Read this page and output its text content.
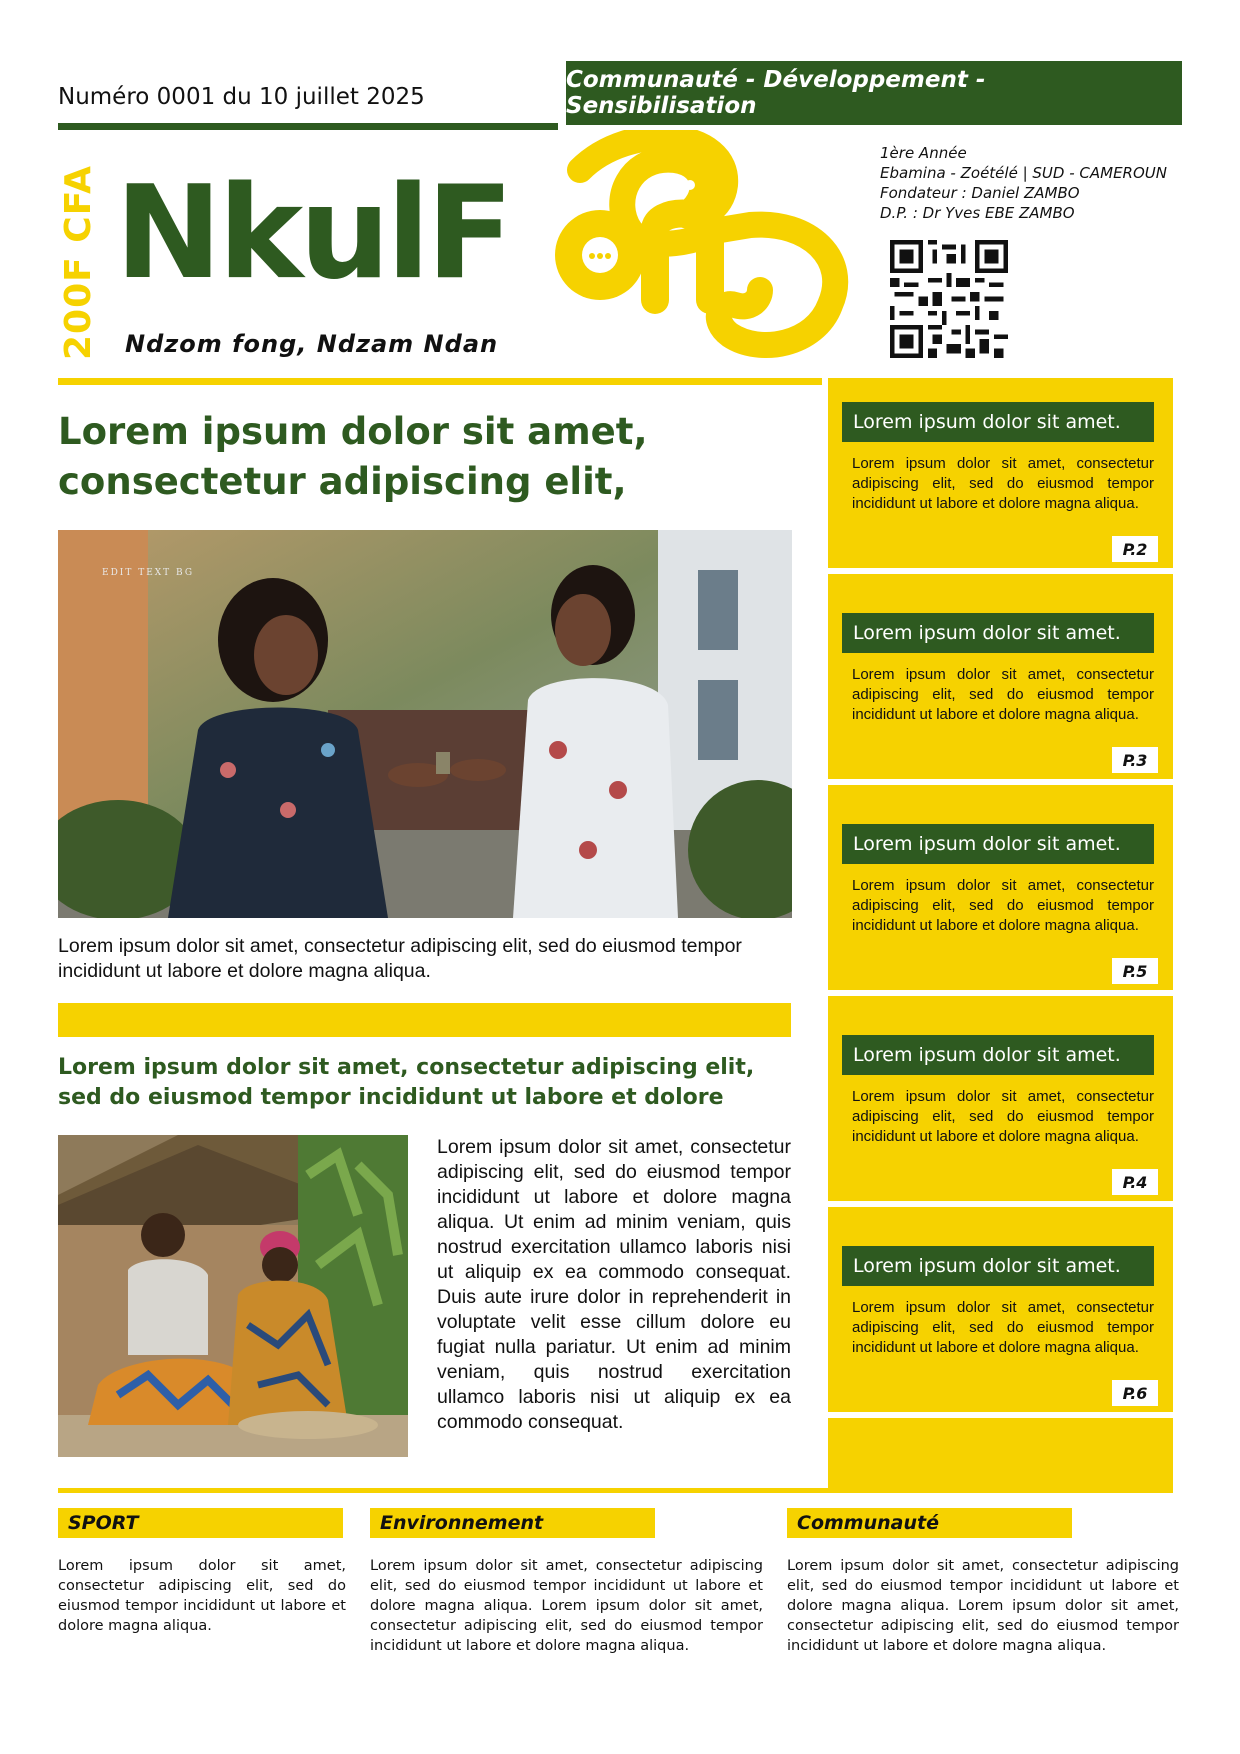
Numéro 0001 du 10 juillet 2025
Communauté - Développement - Sensibilisation
200F CFA NkulF
Ndzom fong, Ndzam Ndan
1ère Année
Ebamina - Zoétélé | SUD - CAMEROUN
Fondateur : Daniel ZAMBO
D.P. : Dr Yves EBE ZAMBO
Lorem ipsum dolor sit amet, consectetur adipiscing elit,
EDIT TEXT BG

Lorem ipsum dolor sit amet, consectetur adipiscing elit, sed do eiusmod tempor incididunt ut labore et dolore magna aliqua.

Lorem ipsum dolor sit amet, consectetur adipiscing elit, sed do eiusmod tempor incididunt ut labore et dolore

Lorem ipsum dolor sit amet, consectetur adipiscing elit, sed do eiusmod tempor incididunt ut labore et dolore magna aliqua. Ut enim ad minim veniam, quis nostrud exercitation ullamco laboris nisi ut aliquip ex ea commodo consequat. Duis aute irure dolor in reprehenderit in voluptate velit esse cillum dolore eu fugiat nulla pariatur. Ut enim ad minim veniam, quis nostrud exercitation ullamco laboris nisi ut aliquip ex ea commodo consequat.

Lorem ipsum dolor sit amet.
Lorem ipsum dolor sit amet, consectetur adipiscing elit, sed do eiusmod tempor incididunt ut labore et dolore magna aliqua.
P.2
Lorem ipsum dolor sit amet.
Lorem ipsum dolor sit amet, consectetur adipiscing elit, sed do eiusmod tempor incididunt ut labore et dolore magna aliqua.
P.3
Lorem ipsum dolor sit amet.
Lorem ipsum dolor sit amet, consectetur adipiscing elit, sed do eiusmod tempor incididunt ut labore et dolore magna aliqua.
P.5
Lorem ipsum dolor sit amet.
Lorem ipsum dolor sit amet, consectetur adipiscing elit, sed do eiusmod tempor incididunt ut labore et dolore magna aliqua.
P.4
Lorem ipsum dolor sit amet.
Lorem ipsum dolor sit amet, consectetur adipiscing elit, sed do eiusmod tempor incididunt ut labore et dolore magna aliqua.
P.6
SPORT

Lorem ipsum dolor sit amet, consectetur adipiscing elit, sed do eiusmod tempor incididunt ut labore et dolore magna aliqua.

Environnement

Lorem ipsum dolor sit amet, consectetur adipiscing elit, sed do eiusmod tempor incididunt ut labore et dolore magna aliqua. Lorem ipsum dolor sit amet, consectetur adipiscing elit, sed do eiusmod tempor incididunt ut labore et dolore magna aliqua.

Communauté

Lorem ipsum dolor sit amet, consectetur adipiscing elit, sed do eiusmod tempor incididunt ut labore et dolore magna aliqua. Lorem ipsum dolor sit amet, consectetur adipiscing elit, sed do eiusmod tempor incididunt ut labore et dolore magna aliqua.
